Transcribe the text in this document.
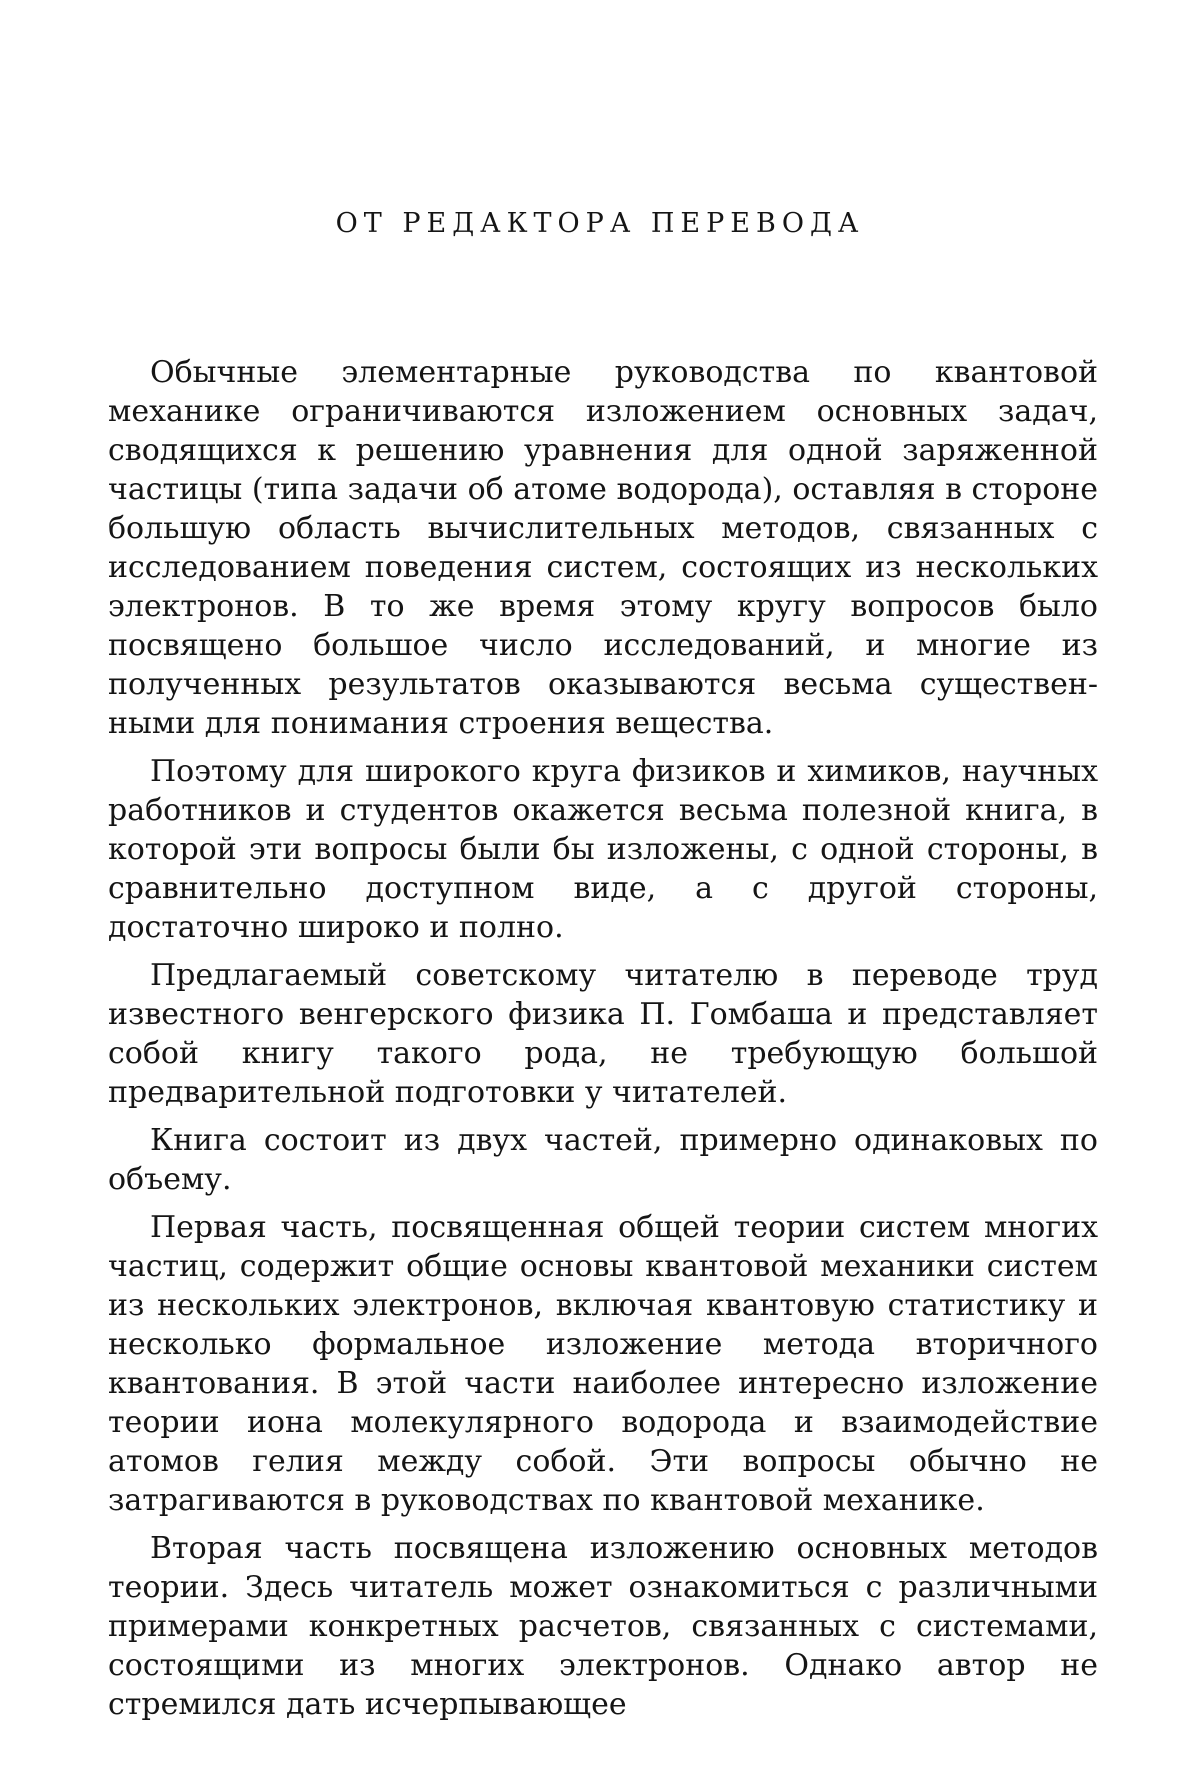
ОТ РЕДАКТОРА ПЕРЕВОДА

Обычные элементарные руководства по квантовой механике ограничиваются изложением основных задач, сводящихся к решению уравнения для одной заряженной частицы (типа задачи об атоме водорода), оставляя в стороне большую область вычислительных методов, связанных с исследованием поведения систем, состоящих из нескольких электронов. В то же время этому кругу вопросов было посвящено большое число исследований, и многие из полученных результатов оказываются весьма существенными для понимания строения вещества.

Поэтому для широкого круга физиков и химиков, научных работников и студентов окажется весьма полезной книга, в которой эти вопросы были бы изложены, с одной стороны, в сравнительно доступном виде, а с другой стороны, достаточно широко и полно.

Предлагаемый советскому читателю в переводе труд известного венгерского физика П. Гомбаша и представляет собой книгу такого рода, не требующую большой предварительной подготовки у читателей.

Книга состоит из двух частей, примерно одинаковых по объему.

Первая часть, посвященная общей теории систем многих частиц, содержит общие основы квантовой механики систем из нескольких электронов, включая квантовую статистику и несколько формальное изложение метода вторичного квантования. В этой части наиболее интересно изложение теории иона молекулярного водорода и взаимодействие атомов гелия между собой. Эти вопросы обычно не затрагиваются в руководствах по квантовой механике.

Вторая часть посвящена изложению основных методов теории. Здесь читатель может ознакомиться с различными примерами конкретных расчетов, связанных с системами, состоящими из многих электронов. Однако автор не стремился дать исчерпывающее
